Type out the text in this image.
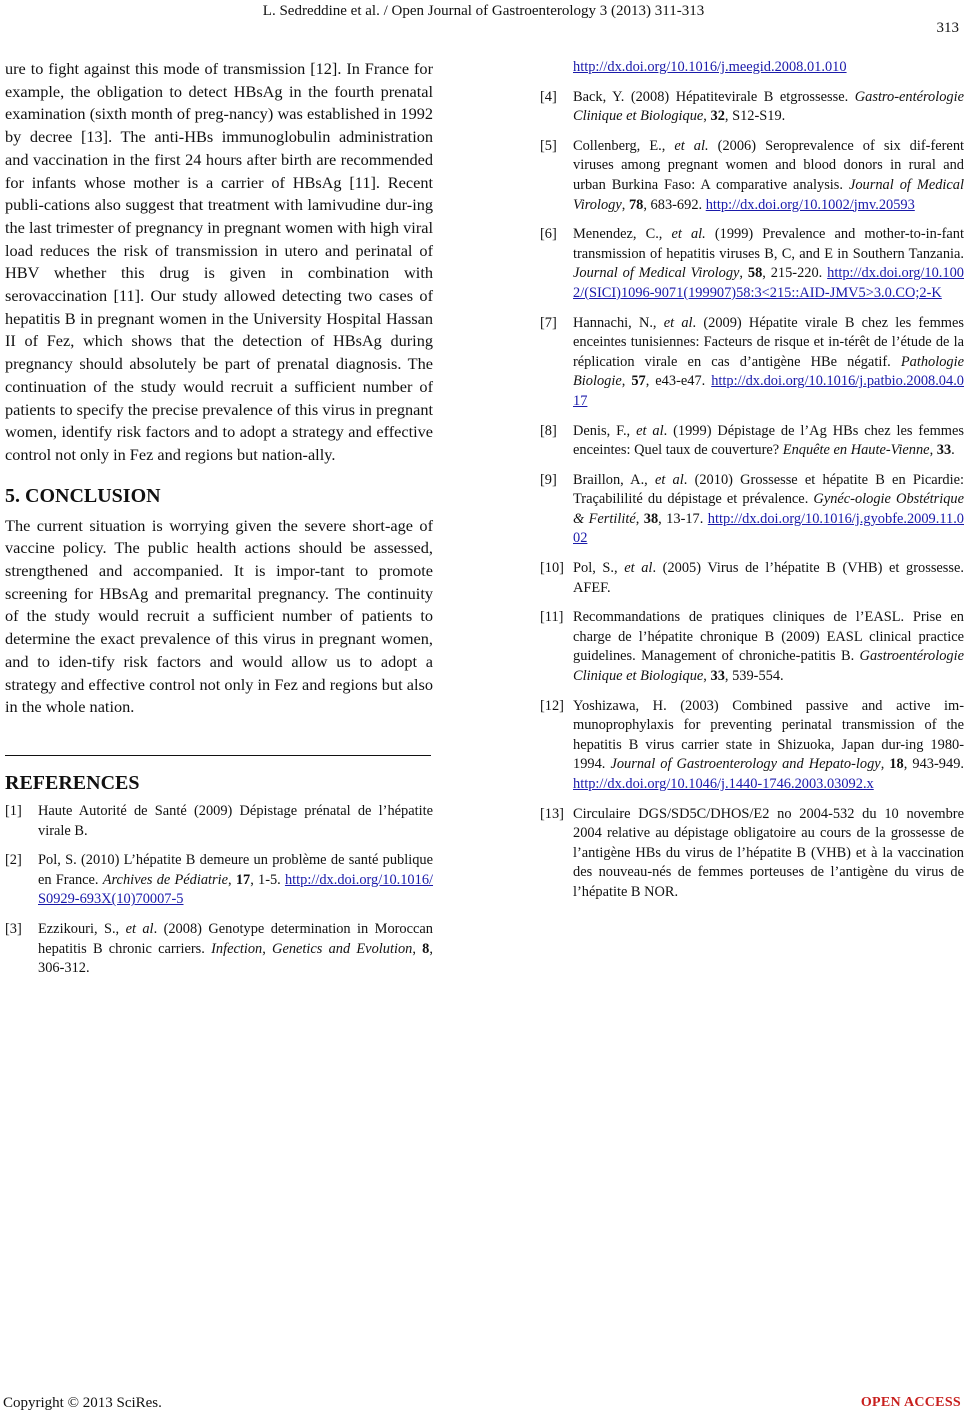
L. Sedreddine et al. / Open Journal of Gastroenterology 3 (2013) 311-313
313

ure to fight against this mode of transmission [12]. In France for example, the obligation to detect HBsAg in the fourth prenatal examination (sixth month of preg-nancy) was established in 1992 by decree [13]. The anti-HBs immunoglobulin administration and vaccination in the first 24 hours after birth are recommended for infants whose mother is a carrier of HBsAg [11]. Recent publi-cations also suggest that treatment with lamivudine dur-ing the last trimester of pregnancy in pregnant women with high viral load reduces the risk of transmission in utero and perinatal of HBV whether this drug is given in combination with serovaccination [11]. Our study allowed detecting two cases of hepatitis B in pregnant women in the University Hospital Hassan II of Fez, which shows that the detection of HBsAg during pregnancy should absolutely be part of prenatal diagnosis. The continuation of the study would recruit a sufficient number of patients to specify the precise prevalence of this virus in pregnant women, identify risk factors and to adopt a strategy and effective control not only in Fez and regions but nation-ally.

5. CONCLUSION

The current situation is worrying given the severe short-age of vaccine policy. The public health actions should be assessed, strengthened and accompanied. It is impor-tant to promote screening for HBsAg and premarital pregnancy. The continuity of the study would recruit a sufficient number of patients to determine the exact prevalence of this virus in pregnant women, and to iden-tify risk factors and would allow us to adopt a strategy and effective control not only in Fez and regions but also in the whole nation.

REFERENCES
[1]	Haute Autorité de Santé (2009) Dépistage prénatal de l’hépatite virale B.
[2]	Pol, S. (2010) L’hépatite B demeure un problème de santé publique en France. Archives de Pédiatrie, 17, 1-5. http://dx.doi.org/10.1016/S0929-693X(10)70007-5
[3]	Ezzikouri, S., et al. (2008) Genotype determination in Moroccan hepatitis B chronic carriers. Infection, Genetics and Evolution, 8, 306-312.
http://dx.doi.org/10.1016/j.meegid.2008.01.010
[4]	Back, Y. (2008) Hépatitevirale B etgrossesse. Gastro-entérologie Clinique et Biologique, 32, S12-S19.
[5]	Collenberg, E., et al. (2006) Seroprevalence of six dif-ferent viruses among pregnant women and blood donors in rural and urban Burkina Faso: A comparative analysis. Journal of Medical Virology, 78, 683-692. http://dx.doi.org/10.1002/jmv.20593
[6]	Menendez, C., et al. (1999) Prevalence and mother-to-in-fant transmission of hepatitis viruses B, C, and E in Southern Tanzania. Journal of Medical Virology, 58, 215-220. http://dx.doi.org/10.1002/(SICI)1096-9071(199907)58:3<215::AID-JMV5>3.0.CO;2-K
[7]	Hannachi, N., et al. (2009) Hépatite virale B chez les femmes enceintes tunisiennes: Facteurs de risque et in-térêt de l’étude de la réplication virale en cas d’antigène HBe négatif. Pathologie Biologie, 57, e43-e47. http://dx.doi.org/10.1016/j.patbio.2008.04.017
[8]	Denis, F., et al. (1999) Dépistage de l’Ag HBs chez les femmes enceintes: Quel taux de couverture? Enquête en Haute-Vienne, 33.
[9]	Braillon, A., et al. (2010) Grossesse et hépatite B en Picardie: Traçabililité du dépistage et prévalence. Gynéc-ologie Obstétrique & Fertilité, 38, 13-17. http://dx.doi.org/10.1016/j.gyobfe.2009.11.002
[10] Pol, S., et al. (2005) Virus de l’hépatite B (VHB) et grossesse. AFEF.
[11] Recommandations de pratiques cliniques de l’EASL. Prise en charge de l’hépatite chronique B (2009) EASL clinical practice guidelines. Management of chroniche-patitis B. Gastroentérologie Clinique et Biologique, 33, 539-554.
[12] Yoshizawa, H. (2003) Combined passive and active im-munoprophylaxis for preventing perinatal transmission of the hepatitis B virus carrier state in Shizuoka, Japan dur-ing 1980-1994. Journal of Gastroenterology and Hepato-logy, 18, 943-949. http://dx.doi.org/10.1046/j.1440-1746.2003.03092.x
[13] Circulaire DGS/SD5C/DHOS/E2 no 2004-532 du 10 novembre 2004 relative au dépistage obligatoire au cours de la grossesse de l’antigène HBs du virus de l’hépatite B (VHB) et à la vaccination des nouveau-nés de femmes porteuses de l’antigène du virus de l’hépatite B NOR.
Copyright © 2013 SciRes.	OPEN ACCESS
